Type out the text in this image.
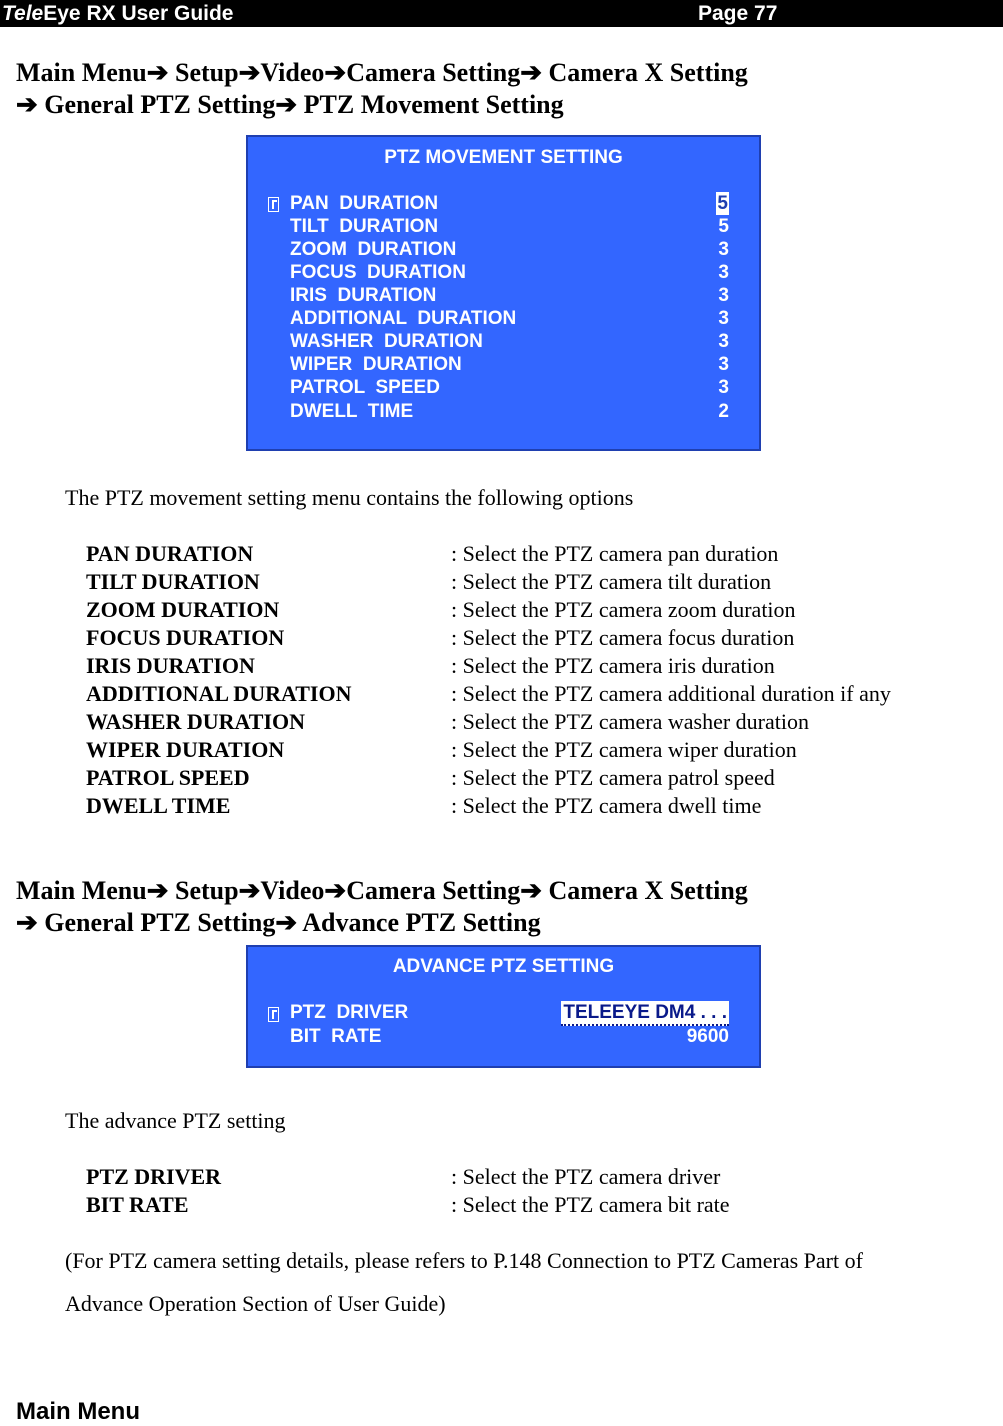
TeleEye RX User Guide	Page 77
Main Menu➔ Setup➔Video➔Camera Setting➔ Camera X Setting
➔ General PTZ Setting➔ PTZ Movement Setting
PTZ MOVEMENT SETTING
PAN  DURATION	5
TILT  DURATION	5
ZOOM  DURATION	3
FOCUS  DURATION	3
IRIS  DURATION	3
ADDITIONAL  DURATION	3
WASHER  DURATION	3
WIPER  DURATION	3
PATROL  SPEED	3
DWELL  TIME	2
The PTZ movement setting menu contains the following options
PAN DURATION	: Select the PTZ camera pan duration
TILT DURATION	: Select the PTZ camera tilt duration
ZOOM DURATION	: Select the PTZ camera zoom duration
FOCUS DURATION	: Select the PTZ camera focus duration
IRIS DURATION	: Select the PTZ camera iris duration
ADDITIONAL DURATION	: Select the PTZ camera additional duration if any
WASHER DURATION	: Select the PTZ camera washer duration
WIPER DURATION	: Select the PTZ camera wiper duration
PATROL SPEED	: Select the PTZ camera patrol speed
DWELL TIME	: Select the PTZ camera dwell time
Main Menu➔ Setup➔Video➔Camera Setting➔ Camera X Setting
➔ General PTZ Setting➔ Advance PTZ Setting
ADVANCE PTZ SETTING
PTZ  DRIVER	TELEEYE DM4 . . .
BIT  RATE	9600
The advance PTZ setting
PTZ DRIVER	: Select the PTZ camera driver
BIT RATE	: Select the PTZ camera bit rate
(For PTZ camera setting details, please refers to P.148 Connection to PTZ Cameras Part of
Advance Operation Section of User Guide)
Main Menu
